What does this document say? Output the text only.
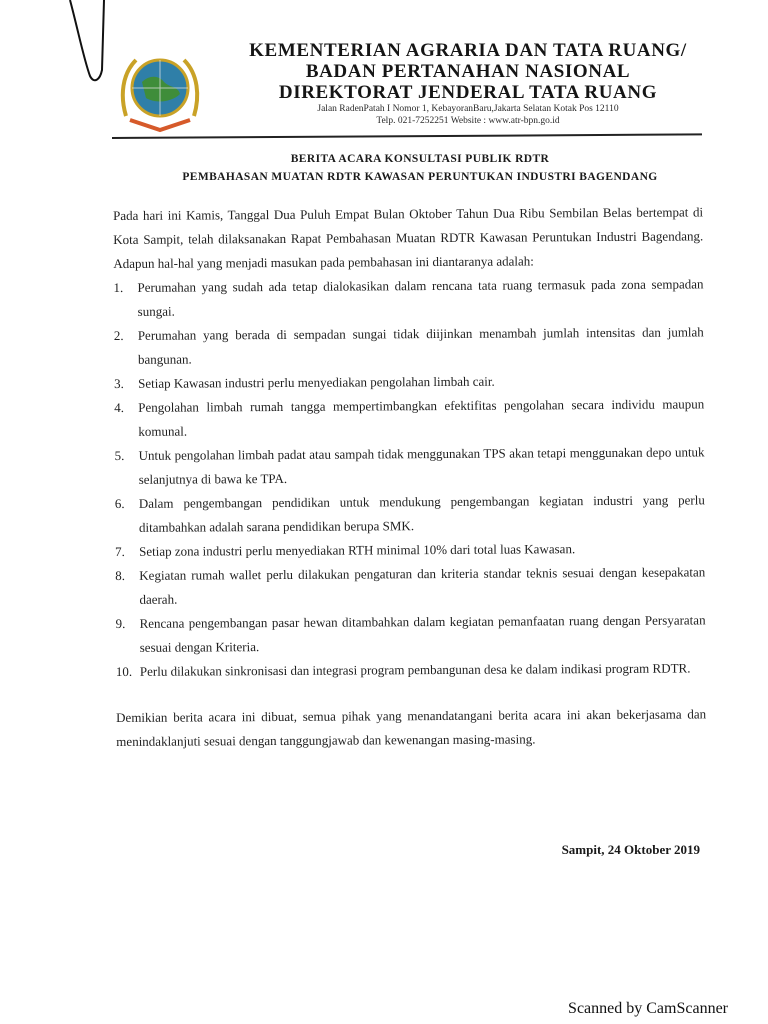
KEMENTERIAN AGRARIA DAN TATA RUANG/
BADAN PERTANAHAN NASIONAL
DIREKTORAT JENDERAL TATA RUANG
Jalan RadenPatah I Nomor 1, KebayoranBaru,Jakarta Selatan Kotak Pos 12110
Telp. 021-7252251 Website : www.atr-bpn.go.id
BERITA ACARA KONSULTASI PUBLIK RDTR
PEMBAHASAN MUATAN RDTR KAWASAN PERUNTUKAN INDUSTRI BAGENDANG

Pada hari ini Kamis, Tanggal Dua Puluh Empat Bulan Oktober Tahun Dua Ribu Sembilan Belas bertempat di Kota Sampit, telah dilaksanakan Rapat Pembahasan Muatan RDTR Kawasan Peruntukan Industri Bagendang. Adapun hal-hal yang menjadi masukan pada pembahasan ini diantaranya adalah:

1.	Perumahan yang sudah ada tetap dialokasikan dalam rencana tata ruang termasuk pada zona sempadan sungai.
2.	Perumahan yang berada di sempadan sungai tidak diijinkan menambah jumlah intensitas dan jumlah bangunan.
3.	Setiap Kawasan industri perlu menyediakan pengolahan limbah cair.
4.	Pengolahan limbah rumah tangga mempertimbangkan efektifitas pengolahan secara individu maupun komunal.
5.	Untuk pengolahan limbah padat atau sampah tidak menggunakan TPS akan tetapi menggunakan depo untuk selanjutnya di bawa ke TPA.
6.	Dalam pengembangan pendidikan untuk mendukung pengembangan kegiatan industri yang perlu ditambahkan adalah sarana pendidikan berupa SMK.
7.	Setiap zona industri perlu menyediakan RTH minimal 10% dari total luas Kawasan.
8.	Kegiatan rumah wallet perlu dilakukan pengaturan dan kriteria standar teknis sesuai dengan kesepakatan daerah.
9.	Rencana pengembangan pasar hewan ditambahkan dalam kegiatan pemanfaatan ruang dengan Persyaratan sesuai dengan Kriteria.
10. Perlu dilakukan sinkronisasi dan integrasi program pembangunan desa ke dalam indikasi program RDTR.

Demikian berita acara ini dibuat, semua pihak yang menandatangani berita acara ini akan bekerjasama dan menindaklanjuti sesuai dengan tanggungjawab dan kewenangan masing-masing.

Sampit, 24 Oktober 2019
Scanned by CamScanner
